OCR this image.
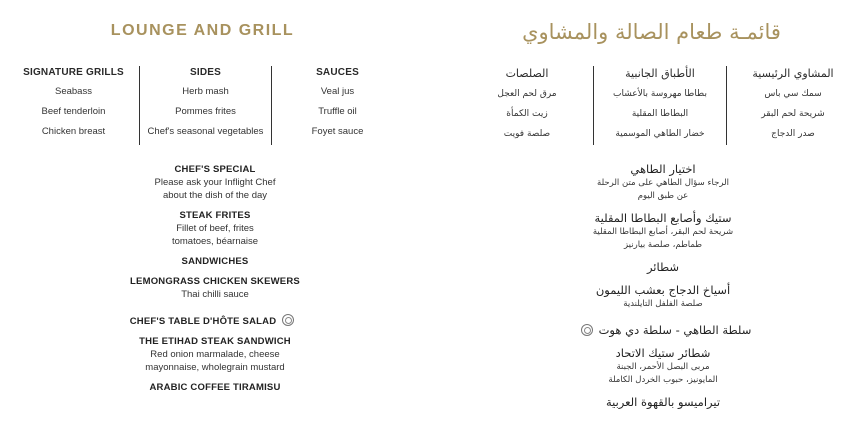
LOUNGE AND GRILL	قائمـة طعام الصالة والمشاوي
SIGNATURE GRILLS
Seabass
Beef tenderloin
Chicken breast
SIDES
Herb mash
Pommes frites
Chef's seasonal vegetables
SAUCES
Veal jus
Truffle oil
Foyet sauce
المشاوي الرئيسية
سمك سي باس
شريحة لحم البقر
صدر الدجاج
الأطباق الجانبية
بطاطا مهروسة بالأعشاب
البطاطا المقلية
خضار الطاهي الموسمية
الصلصات
مرق لحم العجل
زيت الكمأة
صلصة فويت
CHEF'S SPECIAL
Please ask your Inflight Chef
about the dish of the day
STEAK FRITES
Fillet of beef, frites
tomatoes, béarnaise
SANDWICHES
LEMONGRASS CHICKEN SKEWERS
Thai chilli sauce
CHEF'S TABLE D'HÔTE SALAD
THE ETIHAD STEAK SANDWICH
Red onion marmalade, cheese
mayonnaise, wholegrain mustard
ARABIC COFFEE TIRAMISU
اختيار الطاهي
الرجاء سؤال الطاهي على متن الرحلة
عن طبق اليوم
ستيك وأصابع البطاطا المقلية
شريحة لحم البقر، أصابع البطاطا المقلية
طماطم، صلصة بيارنيز
شطائر
أسياخ الدجاج بعشب الليمون
صلصة الفلفل التايلندية
سلطة الطاهي - سلطة دي هوت
شطائر ستيك الاتحاد
مربى البصل الأحمر، الجبنة
المايونيز، حبوب الخردل الكاملة
تيراميسو بالقهوة العربية
